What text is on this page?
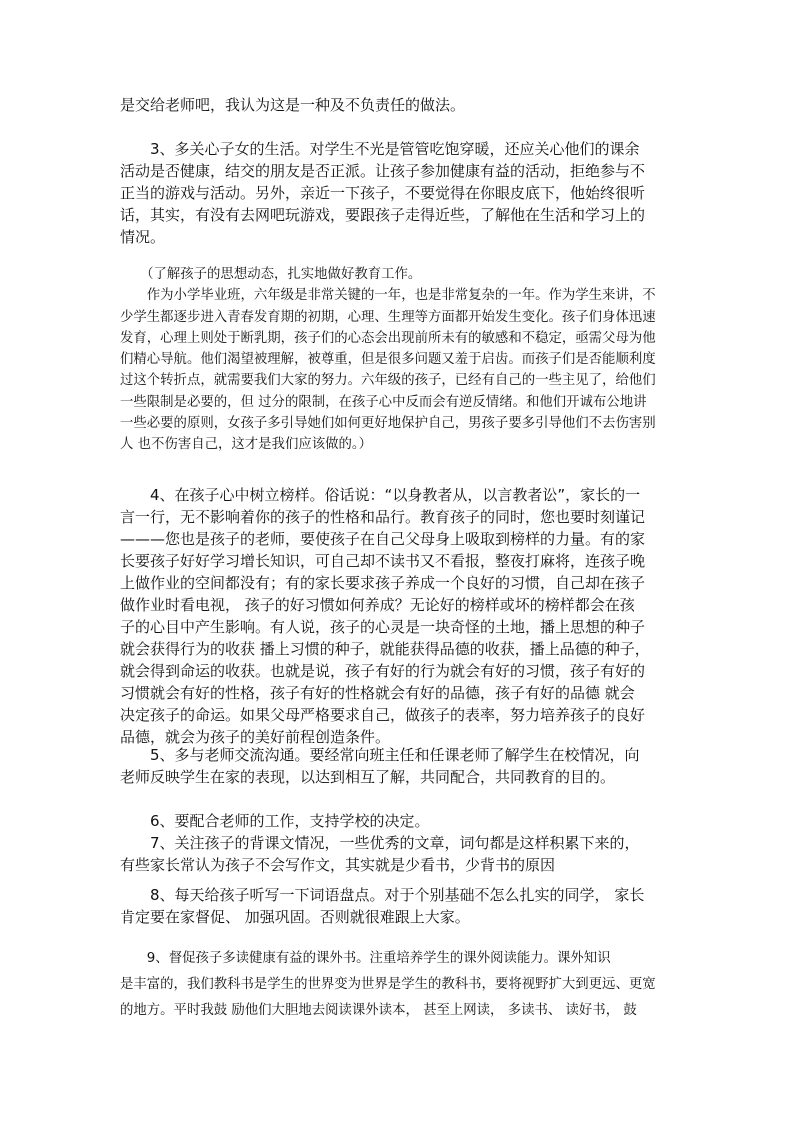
是交给老师吧，我认为这是一种及不负责任的做法。
　　3、多关心子女的生活。对学生不光是管管吃饱穿暖，还应关心他们的课余
活动是否健康，结交的朋友是否正派。让孩子参加健康有益的活动，拒绝参与不
正当的游戏与活动。另外，亲近一下孩子，不要觉得在你眼皮底下，他始终很听
话，其实，有没有去网吧玩游戏，要跟孩子走得近些，了解他在生活和学习上的
情况。
　　（了解孩子的思想动态，扎实地做好教育工作。
　　作为小学毕业班，六年级是非常关键的一年，也是非常复杂的一年。作为学生来讲，不
少学生都逐步进入青春发育期的初期，心理、生理等方面都开始发生变化。孩子们身体迅速
发育，心理上则处于断乳期，孩子们的心态会出现前所未有的敏感和不稳定，亟需父母为他
们精心导航。他们渴望被理解，被尊重，但是很多问题又羞于启齿。而孩子们是否能顺利度
过这个转折点，就需要我们大家的努力。六年级的孩子，已经有自己的一些主见了，给他们
一些限制是必要的，但 过分的限制，在孩子心中反而会有逆反情绪。和他们开诚布公地讲
一些必要的原则，女孩子多引导她们如何更好地保护自己，男孩子要多引导他们不去伤害别
人 也不伤害自己，这才是我们应该做的。）
　　4、在孩子心中树立榜样。俗话说：“以身教者从，以言教者讼”，家长的一
言一行，无不影响着你的孩子的性格和品行。教育孩子的同时，您也要时刻谨记
———您也是孩子的老师，要使孩子在自己父母身上吸取到榜样的力量。有的家
长要孩子好好学习增长知识，可自己却不读书又不看报，整夜打麻将，连孩子晚
上做作业的空间都没有；有的家长要求孩子养成一个良好的习惯，自己却在孩子
做作业时看电视， 孩子的好习惯如何养成？无论好的榜样或坏的榜样都会在孩
子的心目中产生影响。有人说，孩子的心灵是一块奇怪的土地，播上思想的种子
就会获得行为的收获 播上习惯的种子，就能获得品德的收获，播上品德的种子，
就会得到命运的收获。也就是说，孩子有好的行为就会有好的习惯，孩子有好的
习惯就会有好的性格，孩子有好的性格就会有好的品德，孩子有好的品德 就会
决定孩子的命运。如果父母严格要求自己，做孩子的表率，努力培养孩子的良好
品德，就会为孩子的美好前程创造条件。
　　5、多与老师交流沟通。要经常向班主任和任课老师了解学生在校情况，向
老师反映学生在家的表现，以达到相互了解，共同配合，共同教育的目的。
　　6、要配合老师的工作，支持学校的决定。
　　7、关注孩子的背课文情况，一些优秀的文章，词句都是这样积累下来的，
有些家长常认为孩子不会写作文，其实就是少看书，少背书的原因
　　8、每天给孩子听写一下词语盘点。对于个别基础不怎么扎实的同学， 家长
肯定要在家督促、 加强巩固。否则就很难跟上大家。
　　9、督促孩子多读健康有益的课外书。注重培养学生的课外阅读能力。课外知识
是丰富的，我们教科书是学生的世界变为世界是学生的教科书，要将视野扩大到更远、更宽
的地方。平时我鼓 励他们大胆地去阅读课外读本， 甚至上网读， 多读书、 读好书， 鼓
